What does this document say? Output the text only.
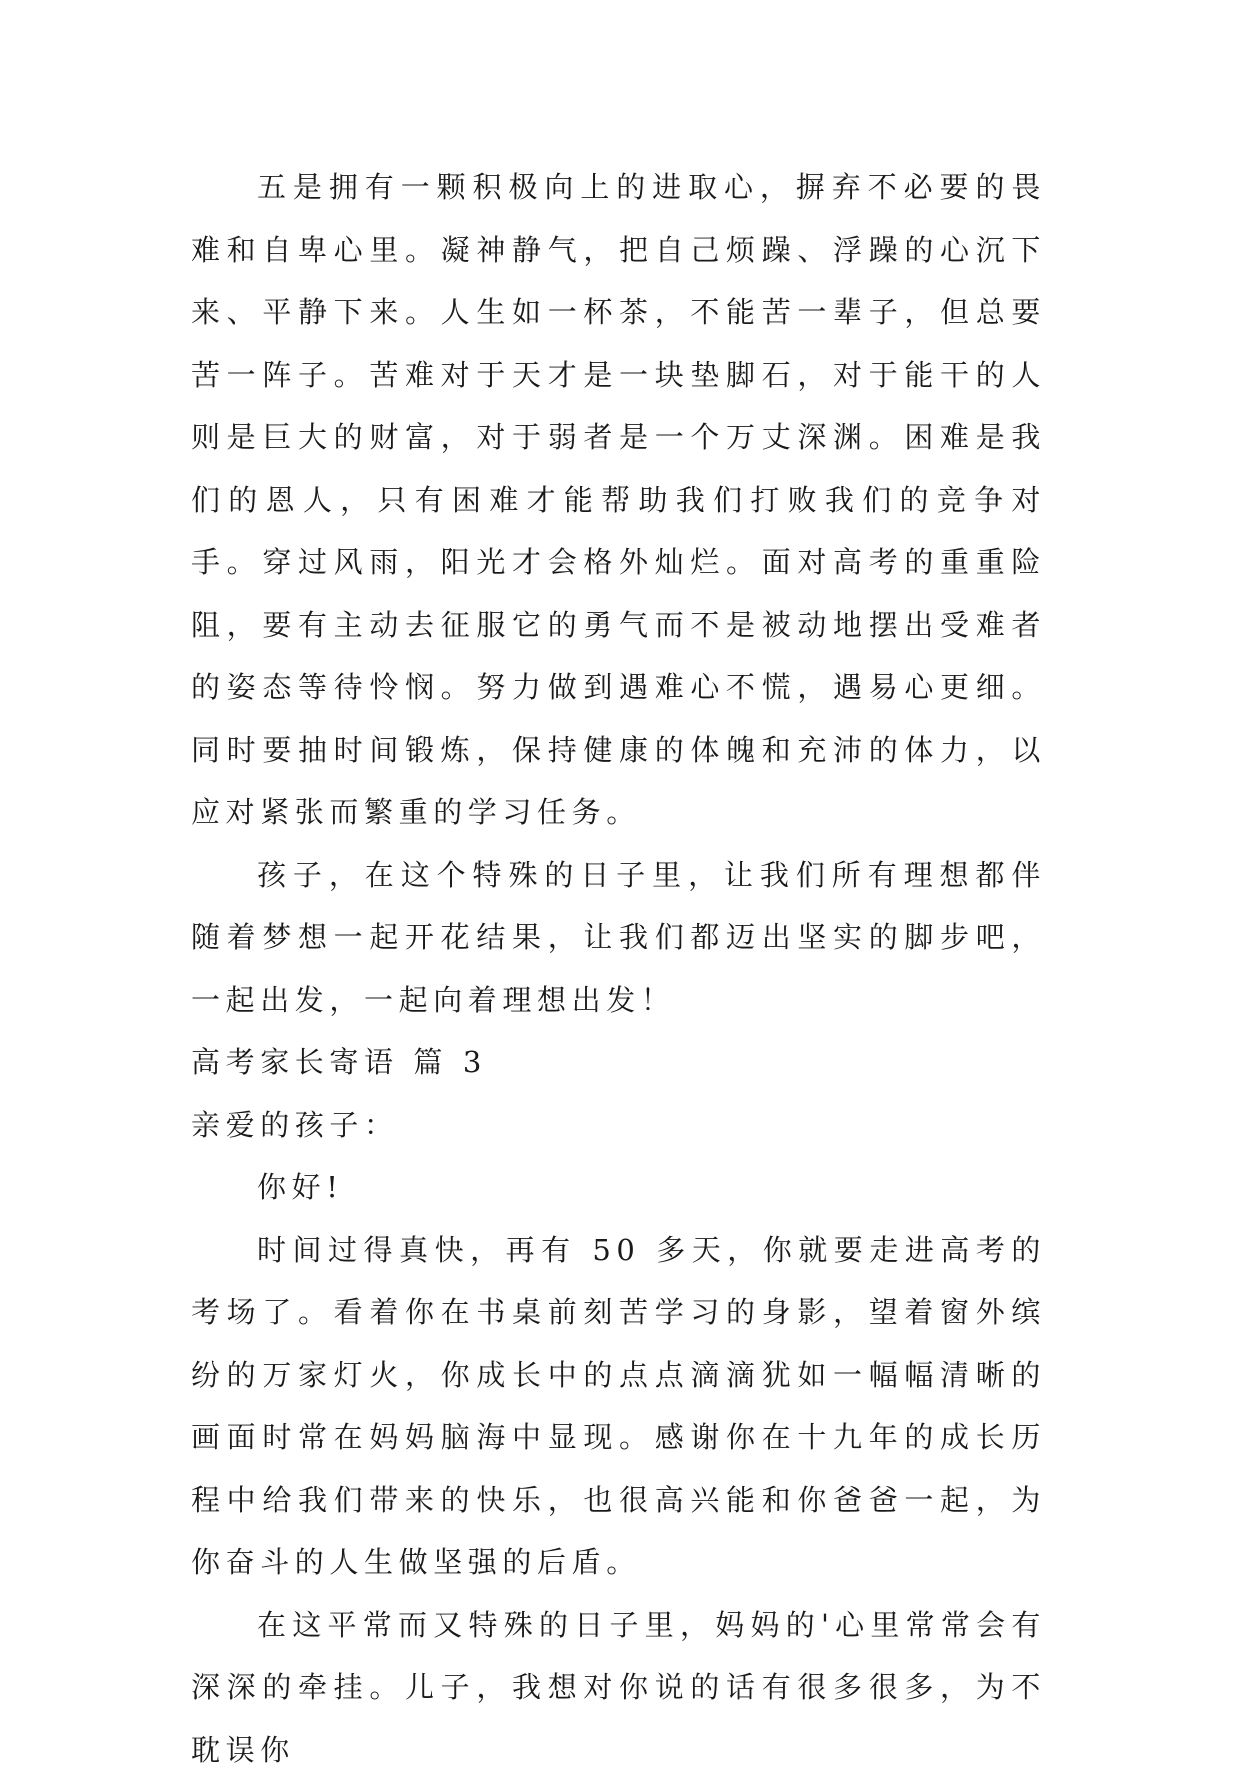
五是拥有一颗积极向上的进取心，摒弃不必要的畏难和自卑心里。凝神静气，把自己烦躁、浮躁的心沉下来、平静下来。人生如一杯茶，不能苦一辈子，但总要苦一阵子。苦难对于天才是一块垫脚石，对于能干的人则是巨大的财富，对于弱者是一个万丈深渊。困难是我们的恩人，只有困难才能帮助我们打败我们的竞争对手。穿过风雨，阳光才会格外灿烂。面对高考的重重险阻，要有主动去征服它的勇气而不是被动地摆出受难者的姿态等待怜悯。努力做到遇难心不慌，遇易心更细。同时要抽时间锻炼，保持健康的体魄和充沛的体力，以应对紧张而繁重的学习任务。

孩子，在这个特殊的日子里，让我们所有理想都伴随着梦想一起开花结果，让我们都迈出坚实的脚步吧，一起出发，一起向着理想出发！

高考家长寄语 篇 3

亲爱的孩子：

你好!

时间过得真快，再有 50 多天，你就要走进高考的考场了。看着你在书桌前刻苦学习的身影，望着窗外缤纷的万家灯火，你成长中的点点滴滴犹如一幅幅清晰的画面时常在妈妈脑海中显现。感谢你在十九年的成长历程中给我们带来的快乐，也很高兴能和你爸爸一起，为你奋斗的人生做坚强的后盾。

在这平常而又特殊的日子里，妈妈的'心里常常会有深深的牵挂。儿子，我想对你说的话有很多很多，为不耽误你
